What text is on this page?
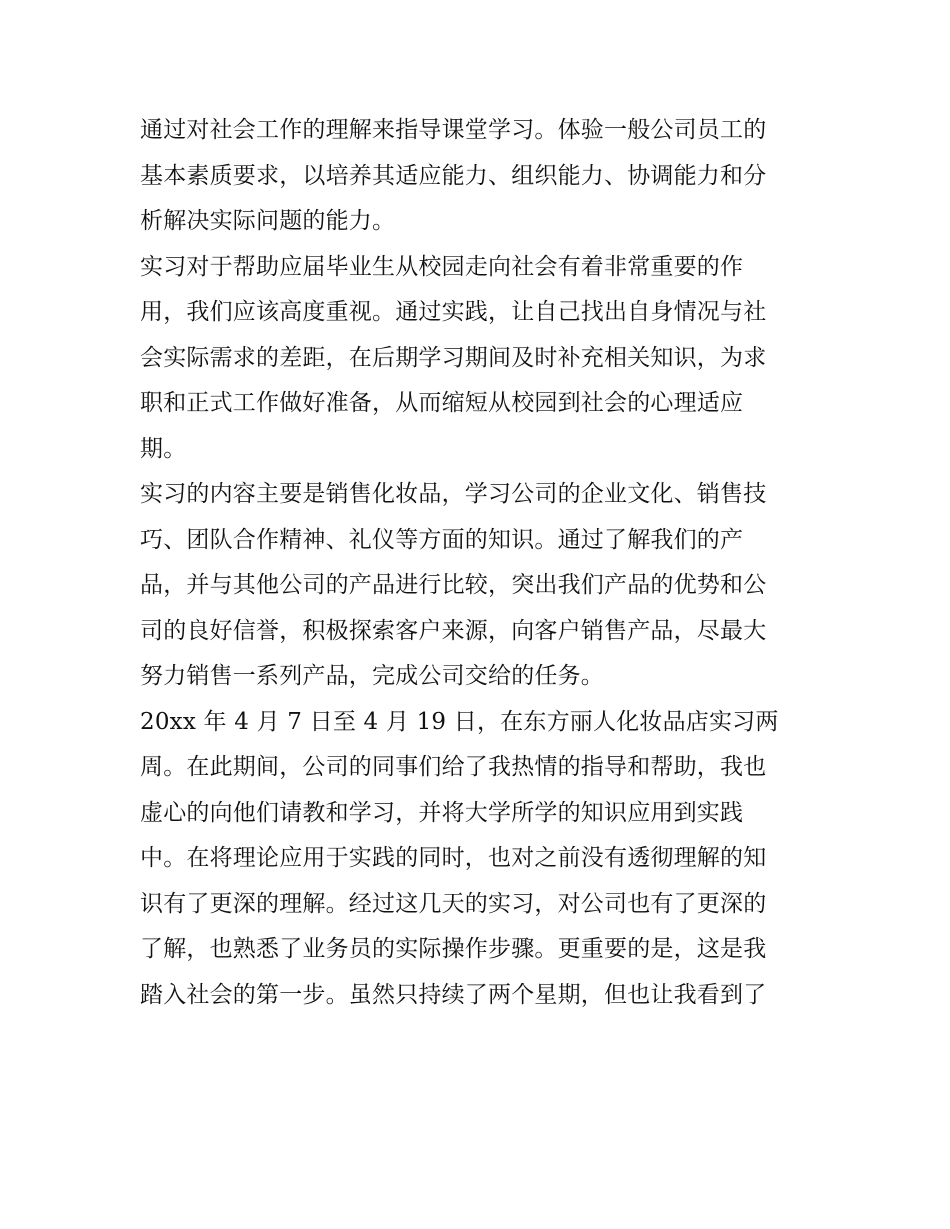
通过对社会工作的理解来指导课堂学习。体验一般公司员工的
基本素质要求，以培养其适应能力、组织能力、协调能力和分
析解决实际问题的能力。
实习对于帮助应届毕业生从校园走向社会有着非常重要的作
用，我们应该高度重视。通过实践，让自己找出自身情况与社
会实际需求的差距，在后期学习期间及时补充相关知识，为求
职和正式工作做好准备，从而缩短从校园到社会的心理适应
期。
实习的内容主要是销售化妆品，学习公司的企业文化、销售技
巧、团队合作精神、礼仪等方面的知识。通过了解我们的产
品，并与其他公司的产品进行比较，突出我们产品的优势和公
司的良好信誉，积极探索客户来源，向客户销售产品，尽最大
努力销售一系列产品，完成公司交给的任务。
20xx 年 4 月 7 日至 4 月 19 日，在东方丽人化妆品店实习两
周。在此期间，公司的同事们给了我热情的指导和帮助，我也
虚心的向他们请教和学习，并将大学所学的知识应用到实践
中。在将理论应用于实践的同时，也对之前没有透彻理解的知
识有了更深的理解。经过这几天的实习，对公司也有了更深的
了解，也熟悉了业务员的实际操作步骤。更重要的是，这是我
踏入社会的第一步。虽然只持续了两个星期，但也让我看到了
